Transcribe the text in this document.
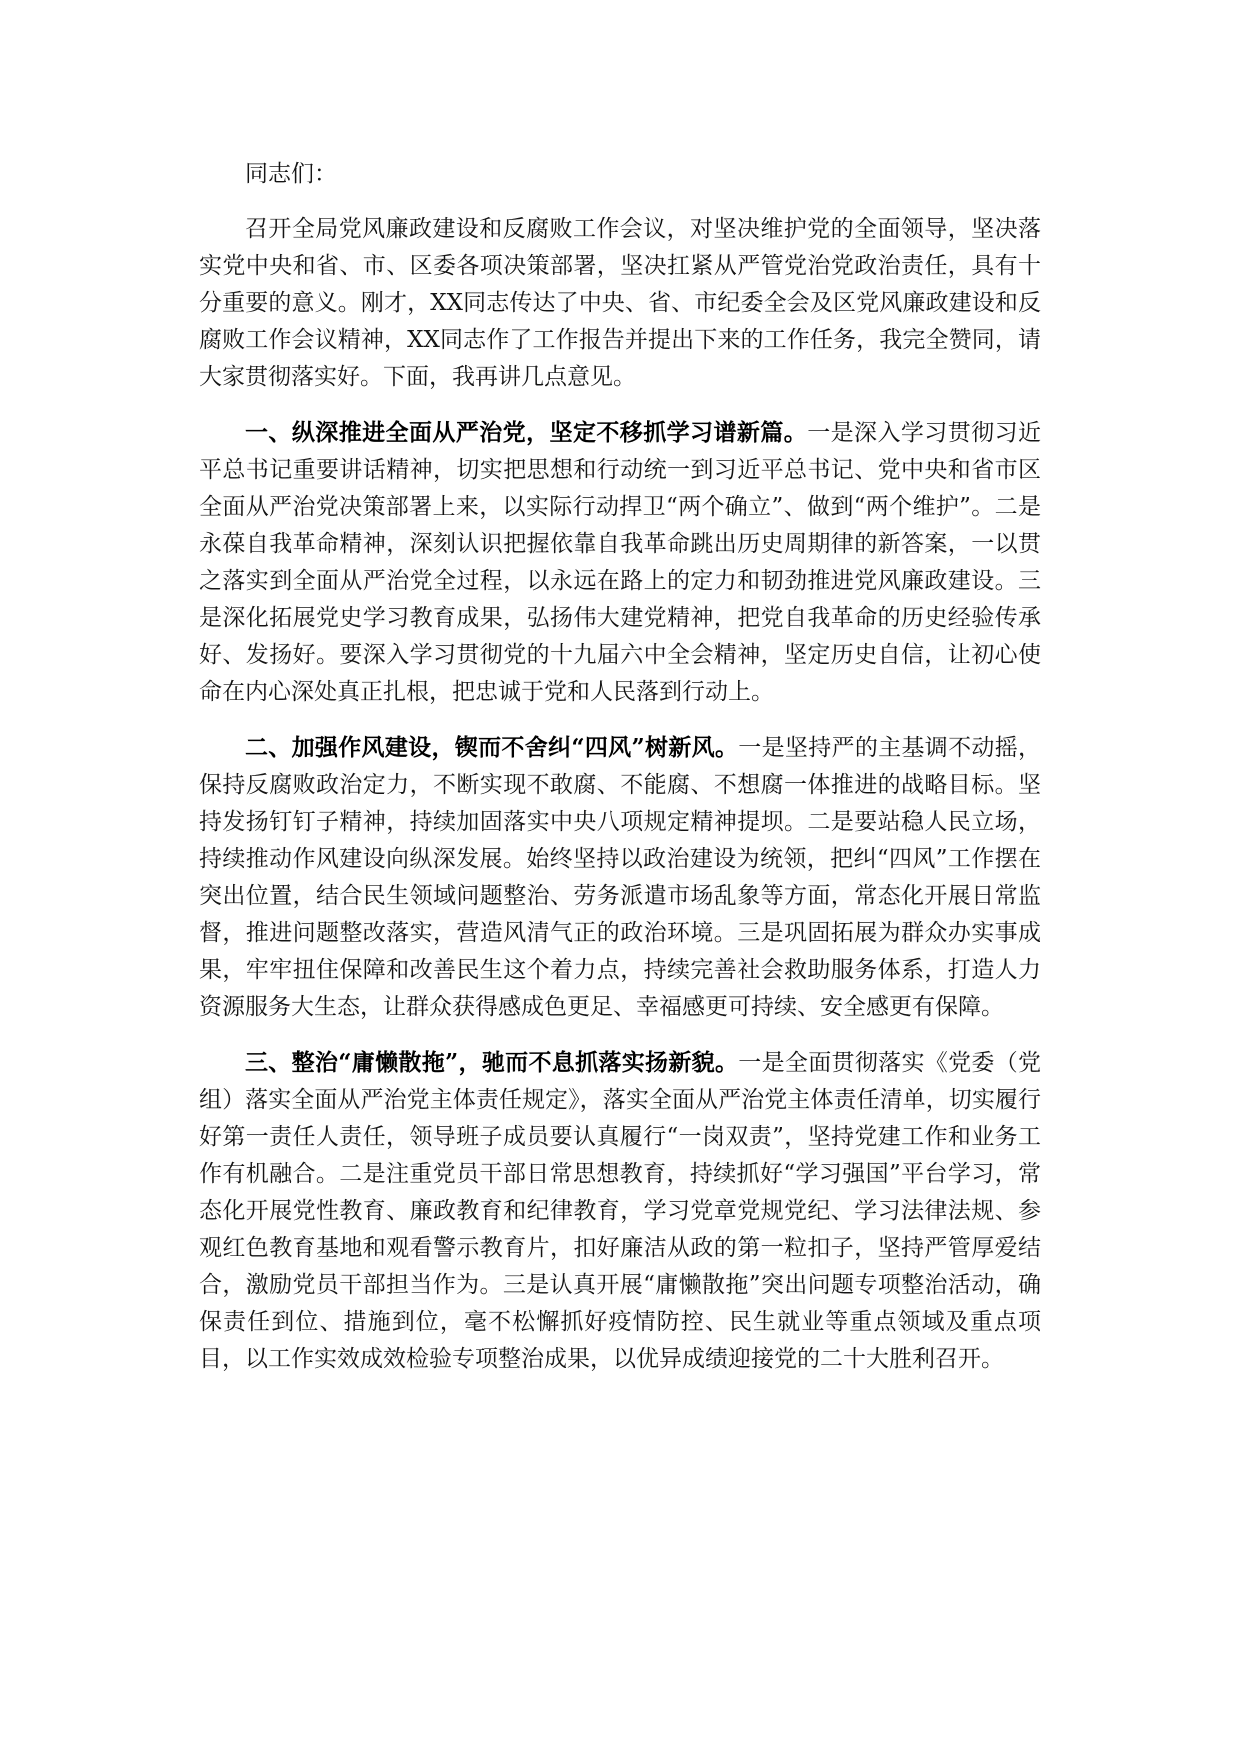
同志们：

召开全局党风廉政建设和反腐败工作会议，对坚决维护党的全面领导，坚决落实党中央和省、市、区委各项决策部署，坚决扛紧从严管党治党政治责任，具有十分重要的意义。刚才，XX同志传达了中央、省、市纪委全会及区党风廉政建设和反腐败工作会议精神，XX同志作了工作报告并提出下来的工作任务，我完全赞同，请大家贯彻落实好。下面，我再讲几点意见。

一、纵深推进全面从严治党，坚定不移抓学习谱新篇。一是深入学习贯彻习近平总书记重要讲话精神，切实把思想和行动统一到习近平总书记、党中央和省市区全面从严治党决策部署上来，以实际行动捍卫“两个确立”、做到“两个维护”。二是永葆自我革命精神，深刻认识把握依靠自我革命跳出历史周期律的新答案，一以贯之落实到全面从严治党全过程，以永远在路上的定力和韧劲推进党风廉政建设。三是深化拓展党史学习教育成果，弘扬伟大建党精神，把党自我革命的历史经验传承好、发扬好。要深入学习贯彻党的十九届六中全会精神，坚定历史自信，让初心使命在内心深处真正扎根，把忠诚于党和人民落到行动上。

二、加强作风建设，锲而不舍纠“四风”树新风。一是坚持严的主基调不动摇，保持反腐败政治定力，不断实现不敢腐、不能腐、不想腐一体推进的战略目标。坚持发扬钉钉子精神，持续加固落实中央八项规定精神提坝。二是要站稳人民立场，持续推动作风建设向纵深发展。始终坚持以政治建设为统领，把纠“四风”工作摆在突出位置，结合民生领域问题整治、劳务派遣市场乱象等方面，常态化开展日常监督，推进问题整改落实，营造风清气正的政治环境。三是巩固拓展为群众办实事成果，牢牢扭住保障和改善民生这个着力点，持续完善社会救助服务体系，打造人力资源服务大生态，让群众获得感成色更足、幸福感更可持续、安全感更有保障。

三、整治“庸懒散拖”，驰而不息抓落实扬新貌。一是全面贯彻落实《党委（党组）落实全面从严治党主体责任规定》，落实全面从严治党主体责任清单，切实履行好第一责任人责任，领导班子成员要认真履行“一岗双责”，坚持党建工作和业务工作有机融合。二是注重党员干部日常思想教育，持续抓好“学习强国”平台学习，常态化开展党性教育、廉政教育和纪律教育，学习党章党规党纪、学习法律法规、参观红色教育基地和观看警示教育片，扣好廉洁从政的第一粒扣子，坚持严管厚爱结合，激励党员干部担当作为。三是认真开展“庸懒散拖”突出问题专项整治活动，确保责任到位、措施到位，毫不松懈抓好疫情防控、民生就业等重点领域及重点项目，以工作实效成效检验专项整治成果，以优异成绩迎接党的二十大胜利召开。
